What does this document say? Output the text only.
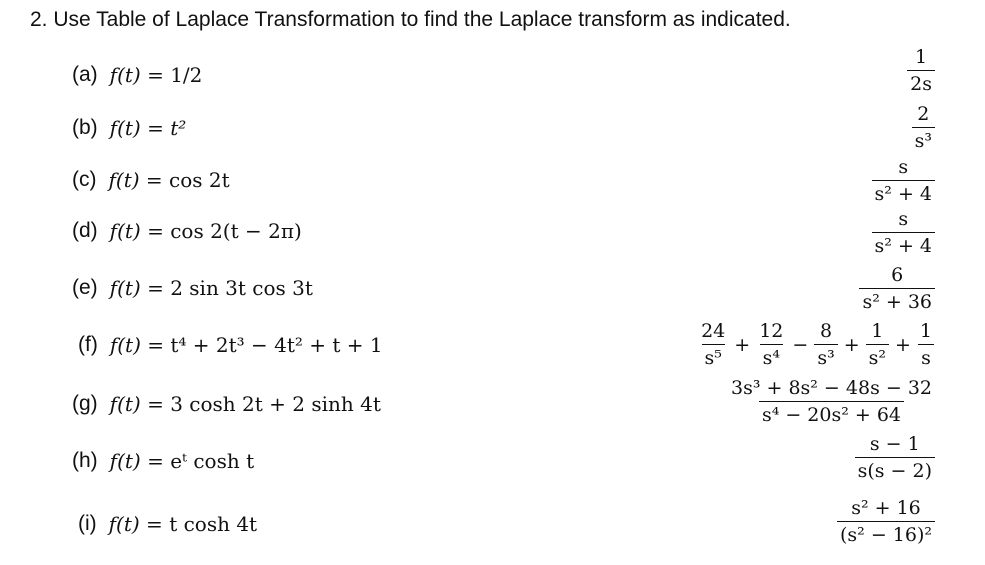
2. Use Table of Laplace Transformation to find the Laplace transform as indicated.
(a) f(t) = 1/2
(b) f(t) = t²
(c) f(t) = cos 2t
(d) f(t) = cos 2(t − 2π)
(e) f(t) = 2 sin 3t cos 3t
(f) f(t) = t⁴ + 2t³ − 4t² + t + 1
(g) f(t) = 3 cosh 2t + 2 sinh 4t
(h) f(t) = eᵗ cosh t
(i) f(t) = t cosh 4t
$\frac{1}{2s}$
$\frac{2}{\text{s³}}$
$\frac{s}{\text{s² + 4}}$
$\frac{s}{\text{s² + 4}}$
$\frac{6}{\text{s² + 36}}$
$\frac{24}{\text{s⁵}} + \frac{12}{\text{s⁴}} - \frac{8}{\text{s³}} + \frac{1}{\text{s²}} + \frac{1}{s}$
$\frac{\text{3s³ + 8s² − 48s − 32}}{\text{s⁴ − 20s² + 64}}$
$\frac{s - 1}{s(s - 2)}$
$\frac{\text{s² + 16}}{\text{(s² − 16)²}}$
